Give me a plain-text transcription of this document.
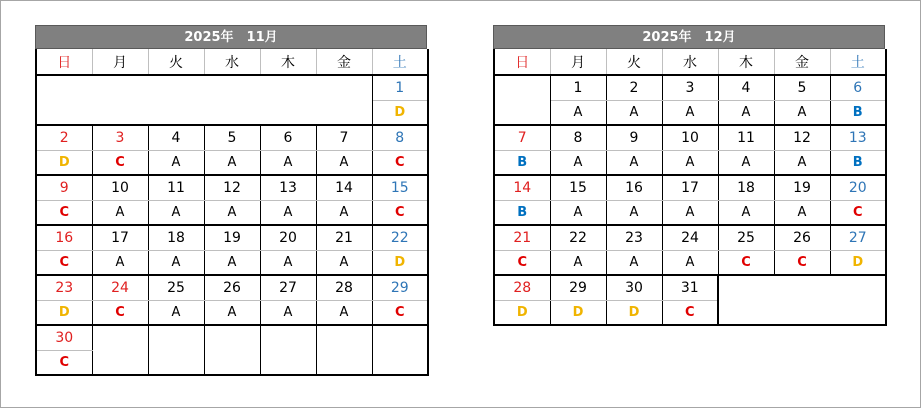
2025年　11月
日	月	火	水	木	金	土
						1
						D
2	3	4	5	6	7	8
D	C	A	A	A	A	C
9	10	11	12	13	14	15
C	A	A	A	A	A	C
16	17	18	19	20	21	22
C	A	A	A	A	A	D
23	24	25	26	27	28	29
D	C	A	A	A	A	C
30						
C						
2025年　12月
日	月	火	水	木	金	土
	1	2	3	4	5	6
	A	A	A	A	A	B
7	8	9	10	11	12	13
B	A	A	A	A	A	B
14	15	16	17	18	19	20
B	A	A	A	A	A	C
21	22	23	24	25	26	27
C	A	A	A	C	C	D
28	29	30	31			
D	D	D	C			
